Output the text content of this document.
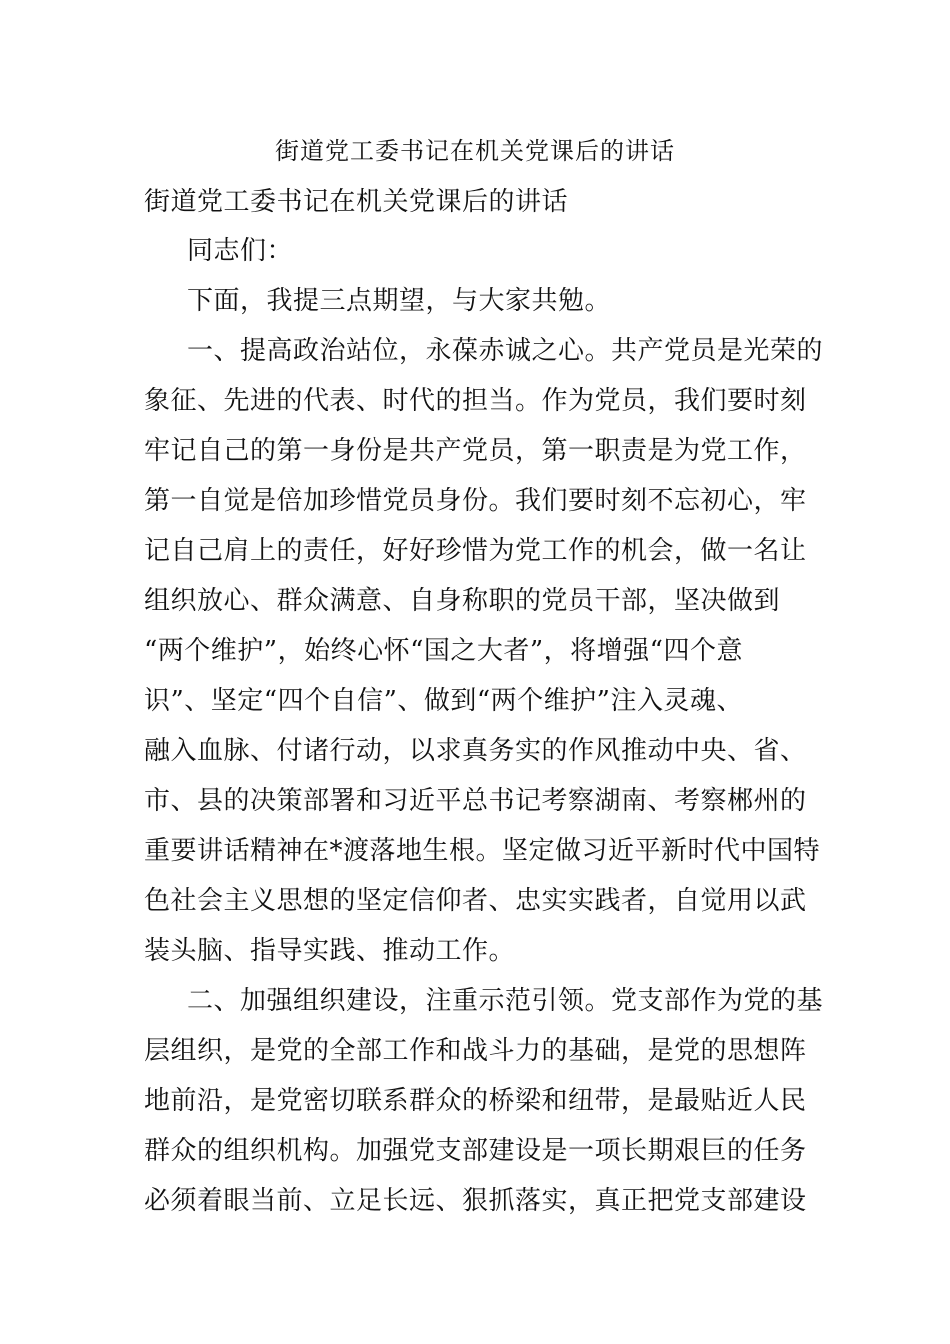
街道党工委书记在机关党课后的讲话
街道党工委书记在机关党课后的讲话
同志们：
下面，我提三点期望，与大家共勉。
一、提高政治站位，永葆赤诚之心。共产党员是光荣的
象征、先进的代表、时代的担当。作为党员，我们要时刻
牢记自己的第一身份是共产党员，第一职责是为党工作，
第一自觉是倍加珍惜党员身份。我们要时刻不忘初心，牢
记自己肩上的责任，好好珍惜为党工作的机会，做一名让
组织放心、群众满意、自身称职的党员干部，坚决做到
“两个维护”，始终心怀“国之大者”，将增强“四个意
识”、坚定“四个自信”、做到“两个维护”注入灵魂、
融入血脉、付诸行动，以求真务实的作风推动中央、省、
市、县的决策部署和习近平总书记考察湖南、考察郴州的
重要讲话精神在*渡落地生根。坚定做习近平新时代中国特
色社会主义思想的坚定信仰者、忠实实践者，自觉用以武
装头脑、指导实践、推动工作。
二、加强组织建设，注重示范引领。党支部作为党的基
层组织，是党的全部工作和战斗力的基础，是党的思想阵
地前沿，是党密切联系群众的桥梁和纽带，是最贴近人民
群众的组织机构。加强党支部建设是一项长期艰巨的任务
必须着眼当前、立足长远、狠抓落实，真正把党支部建设
